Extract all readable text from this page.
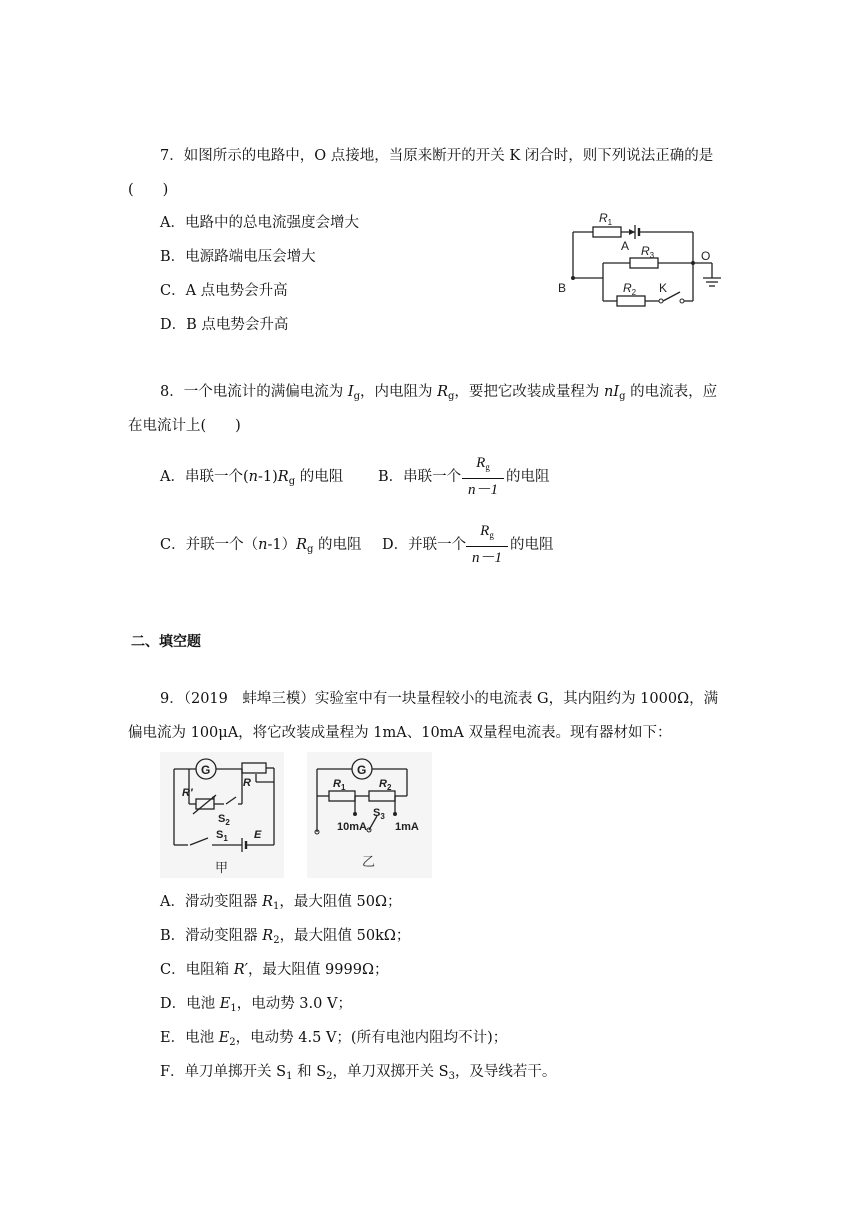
7．如图所示的电路中，O 点接地，当原来断开的开关 K 闭合时，则下列说法正确的是
(　　)
A．电路中的总电流强度会增大
B．电源路端电压会增大
C．A 点电势会升高
D．B 点电势会升高
$R_1$
A $R_3$
B
O
$R_2$ K
8．一个电流计的满偏电流为 $I_g$，内电阻为 $R_g$，要把它改装成量程为 $nI_g$ 的电流表，应
在电流计上(　　)
A．串联一个$(n-1)R_g$ 的电阻 B．串联一个
$R_g$
n－1
的电阻
C．并联一个$(n-1)R_g$ 的电阻 D．并联一个
$R_g$
n－1
的电阻
二、填空题
9．（2019　蚌埠三模）实验室中有一块量程较小的电流表 G，其内阻约为 1000Ω，满
偏电流为 100μA，将它改装成量程为 1mA、10mA 双量程电流表。现有器材如下：
G
R
R′
$S_2$
$S_1$ E
甲
G
$R_1$	$R_2$
$S_3$
10mA	1mA
乙
A．滑动变阻器 $R_1$，最大阻值 50Ω；
B．滑动变阻器 $R_2$，最大阻值 50kΩ；
C．电阻箱 R′，最大阻值 9999Ω；
D．电池 $E_1$，电动势 3.0 V；
E．电池 $E_2$，电动势 4.5 V；(所有电池内阻均不计)；
F．单刀单掷开关 $S_1$ 和 $S_2$，单刀双掷开关 $S_3$，及导线若干。
